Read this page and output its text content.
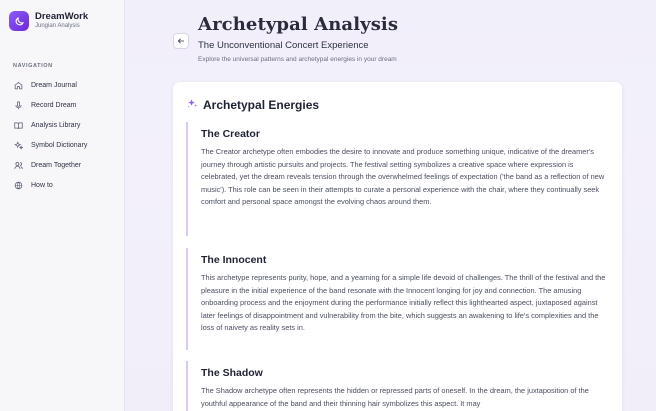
DreamWork
Jungian Analysis
NAVIGATION
Dream Journal
Record Dream
Analysis Library
Symbol Dictionary
Dream Together
How to
Archetypal Analysis
The Unconventional Concert Experience
Explore the universal patterns and archetypal energies in your dream
Archetypal Energies
The Creator
The Creator archetype often embodies the desire to innovate and produce something unique, indicative of the dreamer's journey through artistic pursuits and projects. The festival setting symbolizes a creative space where expression is celebrated, yet the dream reveals tension through the overwhelmed feelings of expectation ('the band as a reflection of new music'). This role can be seen in their attempts to curate a personal experience with the chair, where they continually seek comfort and personal space amongst the evolving chaos around them.
The Innocent
This archetype represents purity, hope, and a yearning for a simple life devoid of challenges. The thrill of the festival and the pleasure in the initial experience of the band resonate with the Innocent longing for joy and connection. The amusing onboarding process and the enjoyment during the performance initially reflect this lighthearted aspect, juxtaposed against later feelings of disappointment and vulnerability from the bite, which suggests an awakening to life's complexities and the loss of naivety as reality sets in.
The Shadow
The Shadow archetype often represents the hidden or repressed parts of oneself. In the dream, the juxtaposition of the youthful appearance of the band and their thinning hair symbolizes this aspect. It may
